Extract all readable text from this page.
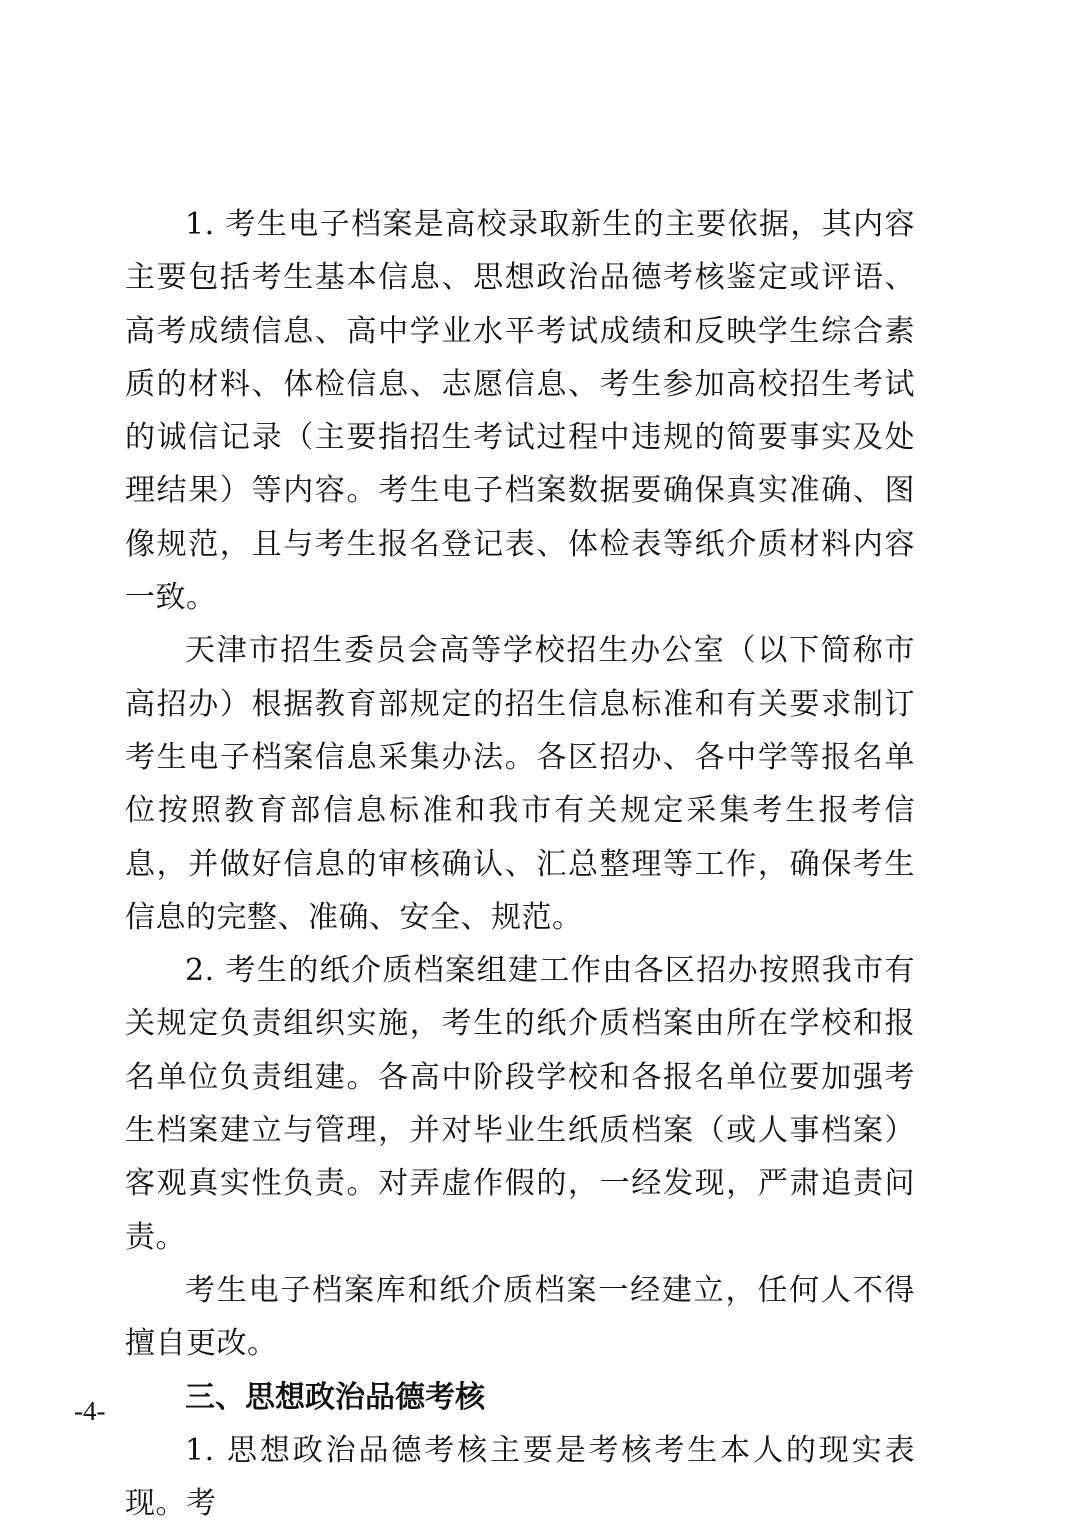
1. 考生电子档案是高校录取新生的主要依据，其内容主要包括考生基本信息、思想政治品德考核鉴定或评语、高考成绩信息、高中学业水平考试成绩和反映学生综合素质的材料、体检信息、志愿信息、考生参加高校招生考试的诚信记录（主要指招生考试过程中违规的简要事实及处理结果）等内容。考生电子档案数据要确保真实准确、图像规范，且与考生报名登记表、体检表等纸介质材料内容一致。

天津市招生委员会高等学校招生办公室（以下简称市高招办）根据教育部规定的招生信息标准和有关要求制订考生电子档案信息采集办法。各区招办、各中学等报名单位按照教育部信息标准和我市有关规定采集考生报考信息，并做好信息的审核确认、汇总整理等工作，确保考生信息的完整、准确、安全、规范。

2. 考生的纸介质档案组建工作由各区招办按照我市有关规定负责组织实施，考生的纸介质档案由所在学校和报名单位负责组建。各高中阶段学校和各报名单位要加强考生档案建立与管理，并对毕业生纸质档案（或人事档案）客观真实性负责。对弄虚作假的，一经发现，严肃追责问责。

考生电子档案库和纸介质档案一经建立，任何人不得擅自更改。

三、思想政治品德考核

1. 思想政治品德考核主要是考核考生本人的现实表现。考

-4-
